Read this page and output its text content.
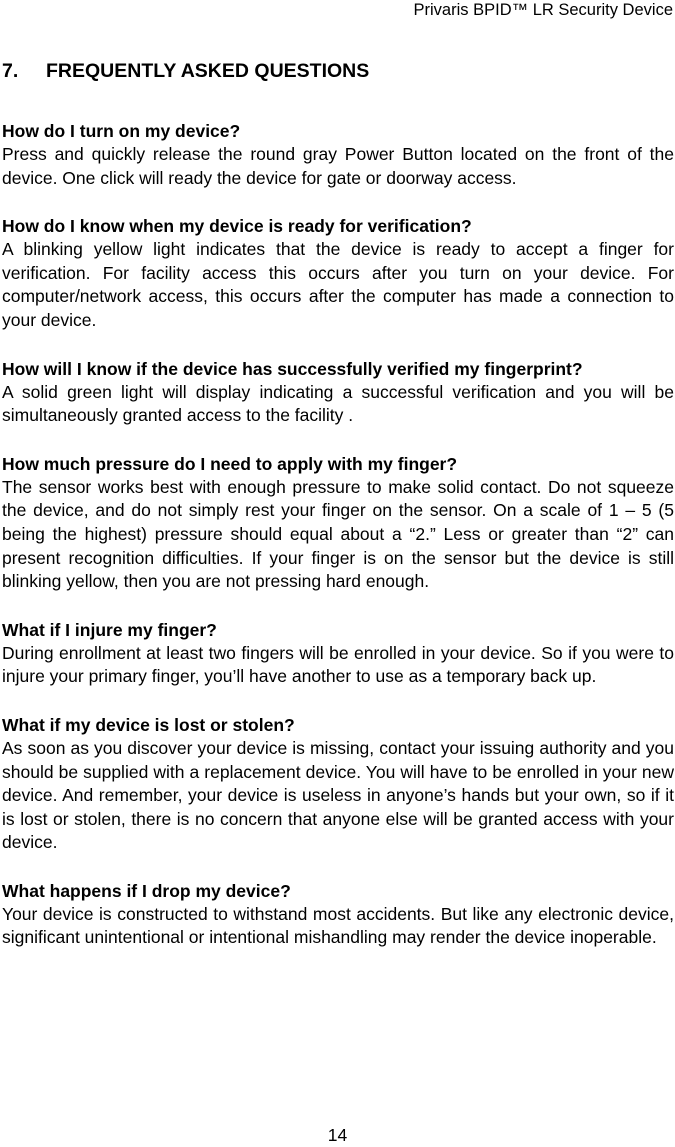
Privaris BPID™ LR Security Device
7. FREQUENTLY ASKED QUESTIONS
How do I turn on my device?
Press and quickly release the round gray Power Button located on the front of the device. One click will ready the device for gate or doorway access.
How do I know when my device is ready for verification?
A blinking yellow light indicates that the device is ready to accept a finger for verification. For facility access this occurs after you turn on your device. For computer/network access, this occurs after the computer has made a connection to your device.
How will I know if the device has successfully verified my fingerprint?
A solid green light will display indicating a successful verification and you will be simultaneously granted access to the facility .
How much pressure do I need to apply with my finger?
The sensor works best with enough pressure to make solid contact. Do not squeeze the device, and do not simply rest your finger on the sensor. On a scale of 1 – 5 (5 being the highest) pressure should equal about a “2.” Less or greater than “2” can present recognition difficulties. If your finger is on the sensor but the device is still blinking yellow, then you are not pressing hard enough.
What if I injure my finger?
During enrollment at least two fingers will be enrolled in your device. So if you were to injure your primary finger, you’ll have another to use as a temporary back up.
What if my device is lost or stolen?
As soon as you discover your device is missing, contact your issuing authority and you should be supplied with a replacement device. You will have to be enrolled in your new device. And remember, your device is useless in anyone’s hands but your own, so if it is lost or stolen, there is no concern that anyone else will be granted access with your device.
What happens if I drop my device?
Your device is constructed to withstand most accidents. But like any electronic device, significant unintentional or intentional mishandling may render the device inoperable.
14
